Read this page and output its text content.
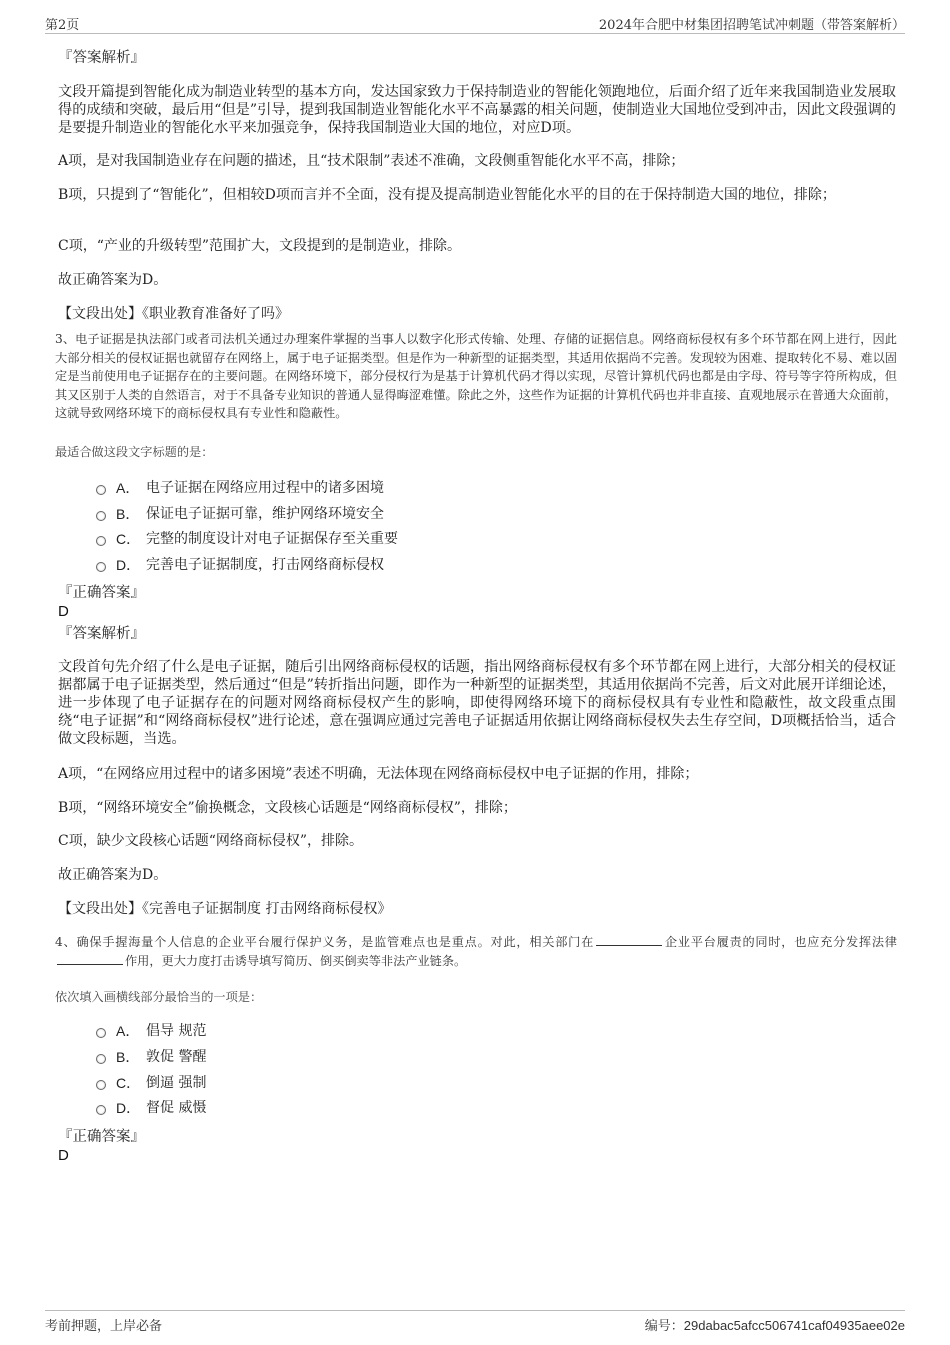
第2页	2024年合肥中材集团招聘笔试冲刺题（带答案解析）
『答案解析』
文段开篇提到智能化成为制造业转型的基本方向，发达国家致力于保持制造业的智能化领跑地位，后面介绍了近年来我国制造业发展取得的成绩和突破，最后用“但是”引导，提到我国制造业智能化水平不高暴露的相关问题，使制造业大国地位受到冲击，因此文段强调的是要提升制造业的智能化水平来加强竞争，保持我国制造业大国的地位，对应D项。
A项，是对我国制造业存在问题的描述，且“技术限制”表述不准确，文段侧重智能化水平不高，排除；
B项，只提到了“智能化”，但相较D项而言并不全面，没有提及提高制造业智能化水平的目的在于保持制造大国的地位，排除；
C项，“产业的升级转型”范围扩大，文段提到的是制造业，排除。
故正确答案为D。
【文段出处】《职业教育准备好了吗》
3、电子证据是执法部门或者司法机关通过办理案件掌握的当事人以数字化形式传输、处理、存储的证据信息。网络商标侵权有多个环节都在网上进行，因此大部分相关的侵权证据也就留存在网络上，属于电子证据类型。但是作为一种新型的证据类型，其适用依据尚不完善。发现较为困难、提取转化不易、难以固定是当前使用电子证据存在的主要问题。在网络环境下，部分侵权行为是基于计算机代码才得以实现，尽管计算机代码也都是由字母、符号等字符所构成，但其又区别于人类的自然语言，对于不具备专业知识的普通人显得晦涩难懂。除此之外，这些作为证据的计算机代码也并非直接、直观地展示在普通大众面前，这就导致网络环境下的商标侵权具有专业性和隐蔽性。
最适合做这段文字标题的是：
A． 电子证据在网络应用过程中的诸多困境
B． 保证电子证据可靠，维护网络环境安全
C． 完整的制度设计对电子证据保存至关重要
D． 完善电子证据制度，打击网络商标侵权
『正确答案』
D
『答案解析』
文段首句先介绍了什么是电子证据，随后引出网络商标侵权的话题，指出网络商标侵权有多个环节都在网上进行，大部分相关的侵权证据都属于电子证据类型，然后通过“但是”转折指出问题，即作为一种新型的证据类型，其适用依据尚不完善，后文对此展开详细论述，进一步体现了电子证据存在的问题对网络商标侵权产生的影响，即使得网络环境下的商标侵权具有专业性和隐蔽性，故文段重点围绕“电子证据”和“网络商标侵权”进行论述，意在强调应通过完善电子证据适用依据让网络商标侵权失去生存空间，D项概括恰当，适合做文段标题，当选。
A项，“在网络应用过程中的诸多困境”表述不明确，无法体现在网络商标侵权中电子证据的作用，排除；
B项，“网络环境安全”偷换概念，文段核心话题是“网络商标侵权”，排除；
C项，缺少文段核心话题“网络商标侵权”，排除。
故正确答案为D。
【文段出处】《完善电子证据制度 打击网络商标侵权》
4、确保手握海量个人信息的企业平台履行保护义务，是监管难点也是重点。对此，相关部门在	企业平台履责的同时，也应充分发挥法律作用，更大力度打击诱导填写简历、倒买倒卖等非法产业链条。
依次填入画横线部分最恰当的一项是：
A． 倡导 规范
B． 敦促 警醒
C． 倒逼 强制
D． 督促 威慑
『正确答案』
D
考前押题，上岸必备	编号：29dabac5afcc506741caf04935aee02e
